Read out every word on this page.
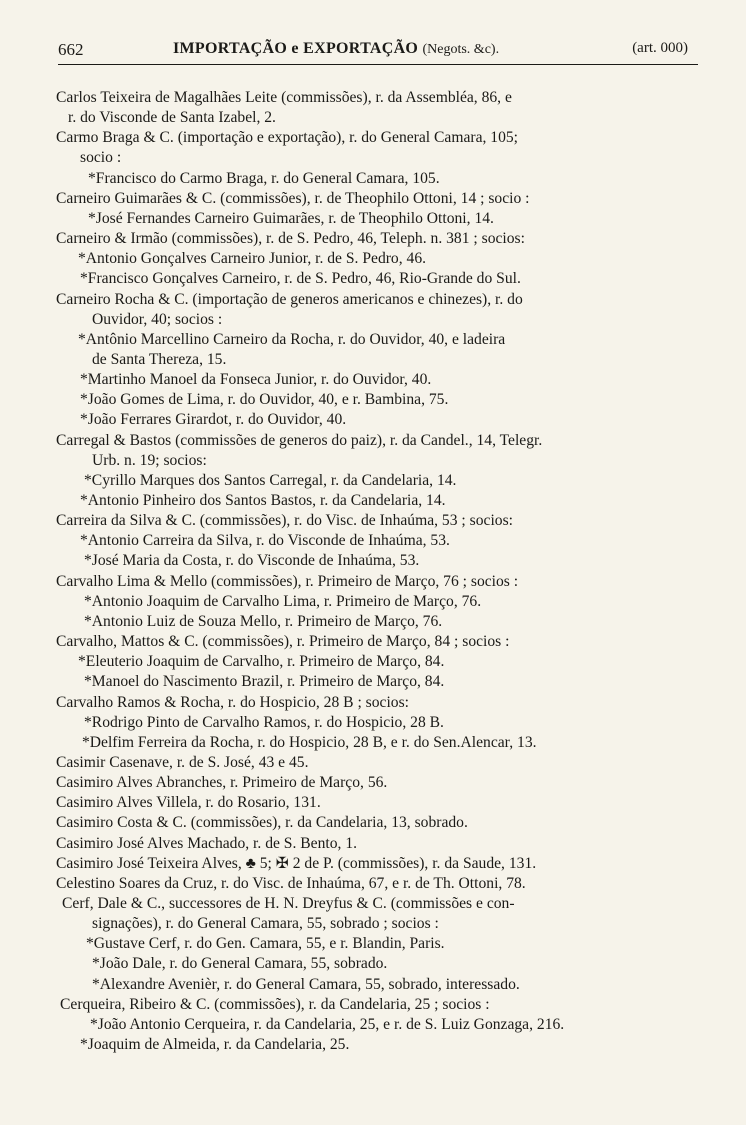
662	IMPORTAÇÃO e EXPORTAÇÃO (Negots. &c).	(art. 000)
Carlos Teixeira de Magalhães Leite (commissões), r. da Assembléa, 86, e
r. do Visconde de Santa Izabel, 2.
Carmo Braga & C. (importação e exportação), r. do General Camara, 105;
socio :
*Francisco do Carmo Braga, r. do General Camara, 105.
Carneiro Guimarães & C. (commissões), r. de Theophilo Ottoni, 14 ; socio :
*José Fernandes Carneiro Guimarães, r. de Theophilo Ottoni, 14.
Carneiro & Irmão (commissões), r. de S. Pedro, 46, Teleph. n. 381 ; socios:
*Antonio Gonçalves Carneiro Junior, r. de S. Pedro, 46.
*Francisco Gonçalves Carneiro, r. de S. Pedro, 46, Rio-Grande do Sul.
Carneiro Rocha & C. (importação de generos americanos e chinezes), r. do
Ouvidor, 40; socios :
*Antônio Marcellino Carneiro da Rocha, r. do Ouvidor, 40, e ladeira
de Santa Thereza, 15.
*Martinho Manoel da Fonseca Junior, r. do Ouvidor, 40.
*João Gomes de Lima, r. do Ouvidor, 40, e r. Bambina, 75.
*João Ferrares Girardot, r. do Ouvidor, 40.
Carregal & Bastos (commissões de generos do paiz), r. da Candel., 14, Telegr.
Urb. n. 19; socios:
*Cyrillo Marques dos Santos Carregal, r. da Candelaria, 14.
*Antonio Pinheiro dos Santos Bastos, r. da Candelaria, 14.
Carreira da Silva & C. (commissões), r. do Visc. de Inhaúma, 53 ; socios:
*Antonio Carreira da Silva, r. do Visconde de Inhaúma, 53.
*José Maria da Costa, r. do Visconde de Inhaúma, 53.
Carvalho Lima & Mello (commissões), r. Primeiro de Março, 76 ; socios :
*Antonio Joaquim de Carvalho Lima, r. Primeiro de Março, 76.
*Antonio Luiz de Souza Mello, r. Primeiro de Março, 76.
Carvalho, Mattos & C. (commissões), r. Primeiro de Março, 84 ; socios :
*Eleuterio Joaquim de Carvalho, r. Primeiro de Março, 84.
*Manoel do Nascimento Brazil, r. Primeiro de Março, 84.
Carvalho Ramos & Rocha, r. do Hospicio, 28 B ; socios:
*Rodrigo Pinto de Carvalho Ramos, r. do Hospicio, 28 B.
*Delfim Ferreira da Rocha, r. do Hospicio, 28 B, e r. do Sen.Alencar, 13.
Casimir Casenave, r. de S. José, 43 e 45.
Casimiro Alves Abranches, r. Primeiro de Março, 56.
Casimiro Alves Villela, r. do Rosario, 131.
Casimiro Costa & C. (commissões), r. da Candelaria, 13, sobrado.
Casimiro José Alves Machado, r. de S. Bento, 1.
Casimiro José Teixeira Alves, ♣ 5; ✠ 2 de P. (commissões), r. da Saude, 131.
Celestino Soares da Cruz, r. do Visc. de Inhaúma, 67, e r. de Th. Ottoni, 78.
Cerf, Dale & C., successores de H. N. Dreyfus & C. (commissões e con-
signações), r. do General Camara, 55, sobrado ; socios :
*Gustave Cerf, r. do Gen. Camara, 55, e r. Blandin, Paris.
*João Dale, r. do General Camara, 55, sobrado.
*Alexandre Avenièr, r. do General Camara, 55, sobrado, interessado.
Cerqueira, Ribeiro & C. (commissões), r. da Candelaria, 25 ; socios :
*João Antonio Cerqueira, r. da Candelaria, 25, e r. de S. Luiz Gonzaga, 216.
*Joaquim de Almeida, r. da Candelaria, 25.
